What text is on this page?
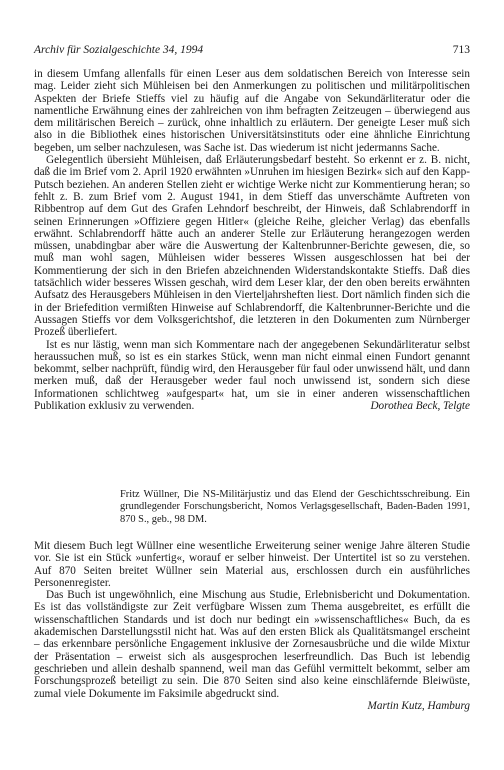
Archiv für Sozialgeschichte 34, 1994	713

in diesem Umfang allenfalls für einen Leser aus dem soldatischen Bereich von Interesse sein mag. Leider zieht sich Mühleisen bei den Anmerkungen zu politischen und militärpolitischen Aspekten der Briefe Stieffs viel zu häufig auf die Angabe von Sekundärliteratur oder die namentliche Erwähnung eines der zahlreichen von ihm befragten Zeitzeugen – überwiegend aus dem militärischen Bereich – zurück, ohne inhaltlich zu erläutern. Der geneigte Leser muß sich also in die Bibliothek eines historischen Universitätsinstituts oder eine ähnliche Einrichtung begeben, um selber nachzulesen, was Sache ist. Das wiederum ist nicht jedermanns Sache.

Gelegentlich übersieht Mühleisen, daß Erläuterungsbedarf besteht. So erkennt er z. B. nicht, daß die im Brief vom 2. April 1920 erwähnten »Unruhen im hiesigen Bezirk« sich auf den Kapp-Putsch beziehen. An anderen Stellen zieht er wichtige Werke nicht zur Kommentierung heran; so fehlt z. B. zum Brief vom 2. August 1941, in dem Stieff das unverschämte Auftreten von Ribbentrop auf dem Gut des Grafen Lehndorf beschreibt, der Hinweis, daß Schlabrendorff in seinen Erinnerungen »Offiziere gegen Hitler« (gleiche Reihe, gleicher Verlag) das ebenfalls erwähnt. Schlabrendorff hätte auch an anderer Stelle zur Erläuterung herangezogen werden müssen, unabdingbar aber wäre die Auswertung der Kaltenbrunner-Berichte gewesen, die, so muß man wohl sagen, Mühleisen wider besseres Wissen ausgeschlossen hat bei der Kommentierung der sich in den Briefen abzeichnenden Widerstandskontakte Stieffs. Daß dies tatsächlich wider besseres Wissen geschah, wird dem Leser klar, der den oben bereits erwähnten Aufsatz des Herausgebers Mühleisen in den Vierteljahrsheften liest. Dort nämlich finden sich die in der Briefedition vermißten Hinweise auf Schlabrendorff, die Kaltenbrunner-Berichte und die Aussagen Stieffs vor dem Volksgerichtshof, die letzteren in den Dokumenten zum Nürnberger Prozeß überliefert.

Ist es nur lästig, wenn man sich Kommentare nach der angegebenen Sekundärliteratur selbst heraussuchen muß, so ist es ein starkes Stück, wenn man nicht einmal einen Fundort genannt bekommt, selber nachprüft, fündig wird, den Herausgeber für faul oder unwissend hält, und dann merken muß, daß der Herausgeber weder faul noch unwissend ist, sondern sich diese Informationen schlichtweg »aufgespart« hat, um sie in einer anderen wissenschaftlichen Publikation exklusiv zu verwenden.	Dorothea Beck, Telgte

Fritz Wüllner, Die NS-Militärjustiz und das Elend der Geschichtsschreibung. Ein grundlegender Forschungsbericht, Nomos Verlagsgesellschaft, Baden-Baden 1991, 870 S., geb., 98 DM.

Mit diesem Buch legt Wüllner eine wesentliche Erweiterung seiner wenige Jahre älteren Studie vor. Sie ist ein Stück »unfertig«, worauf er selber hinweist. Der Untertitel ist so zu verstehen. Auf 870 Seiten breitet Wüllner sein Material aus, erschlossen durch ein ausführliches Personenregister.

Das Buch ist ungewöhnlich, eine Mischung aus Studie, Erlebnisbericht und Dokumentation. Es ist das vollständigste zur Zeit verfügbare Wissen zum Thema ausgebreitet, es erfüllt die wissenschaftlichen Standards und ist doch nur bedingt ein »wissenschaftliches« Buch, da es akademischen Darstellungsstil nicht hat. Was auf den ersten Blick als Qualitätsmangel erscheint – das erkennbare persönliche Engagement inklusive der Zornesausbrüche und die wilde Mixtur der Präsentation – erweist sich als ausgesprochen leserfreundlich. Das Buch ist lebendig geschrieben und allein deshalb spannend, weil man das Gefühl vermittelt bekommt, selber am Forschungsprozeß beteiligt zu sein. Die 870 Seiten sind also keine einschläfernde Bleiwüste, zumal viele Dokumente im Faksimile abgedruckt sind.

Martin Kutz, Hamburg
